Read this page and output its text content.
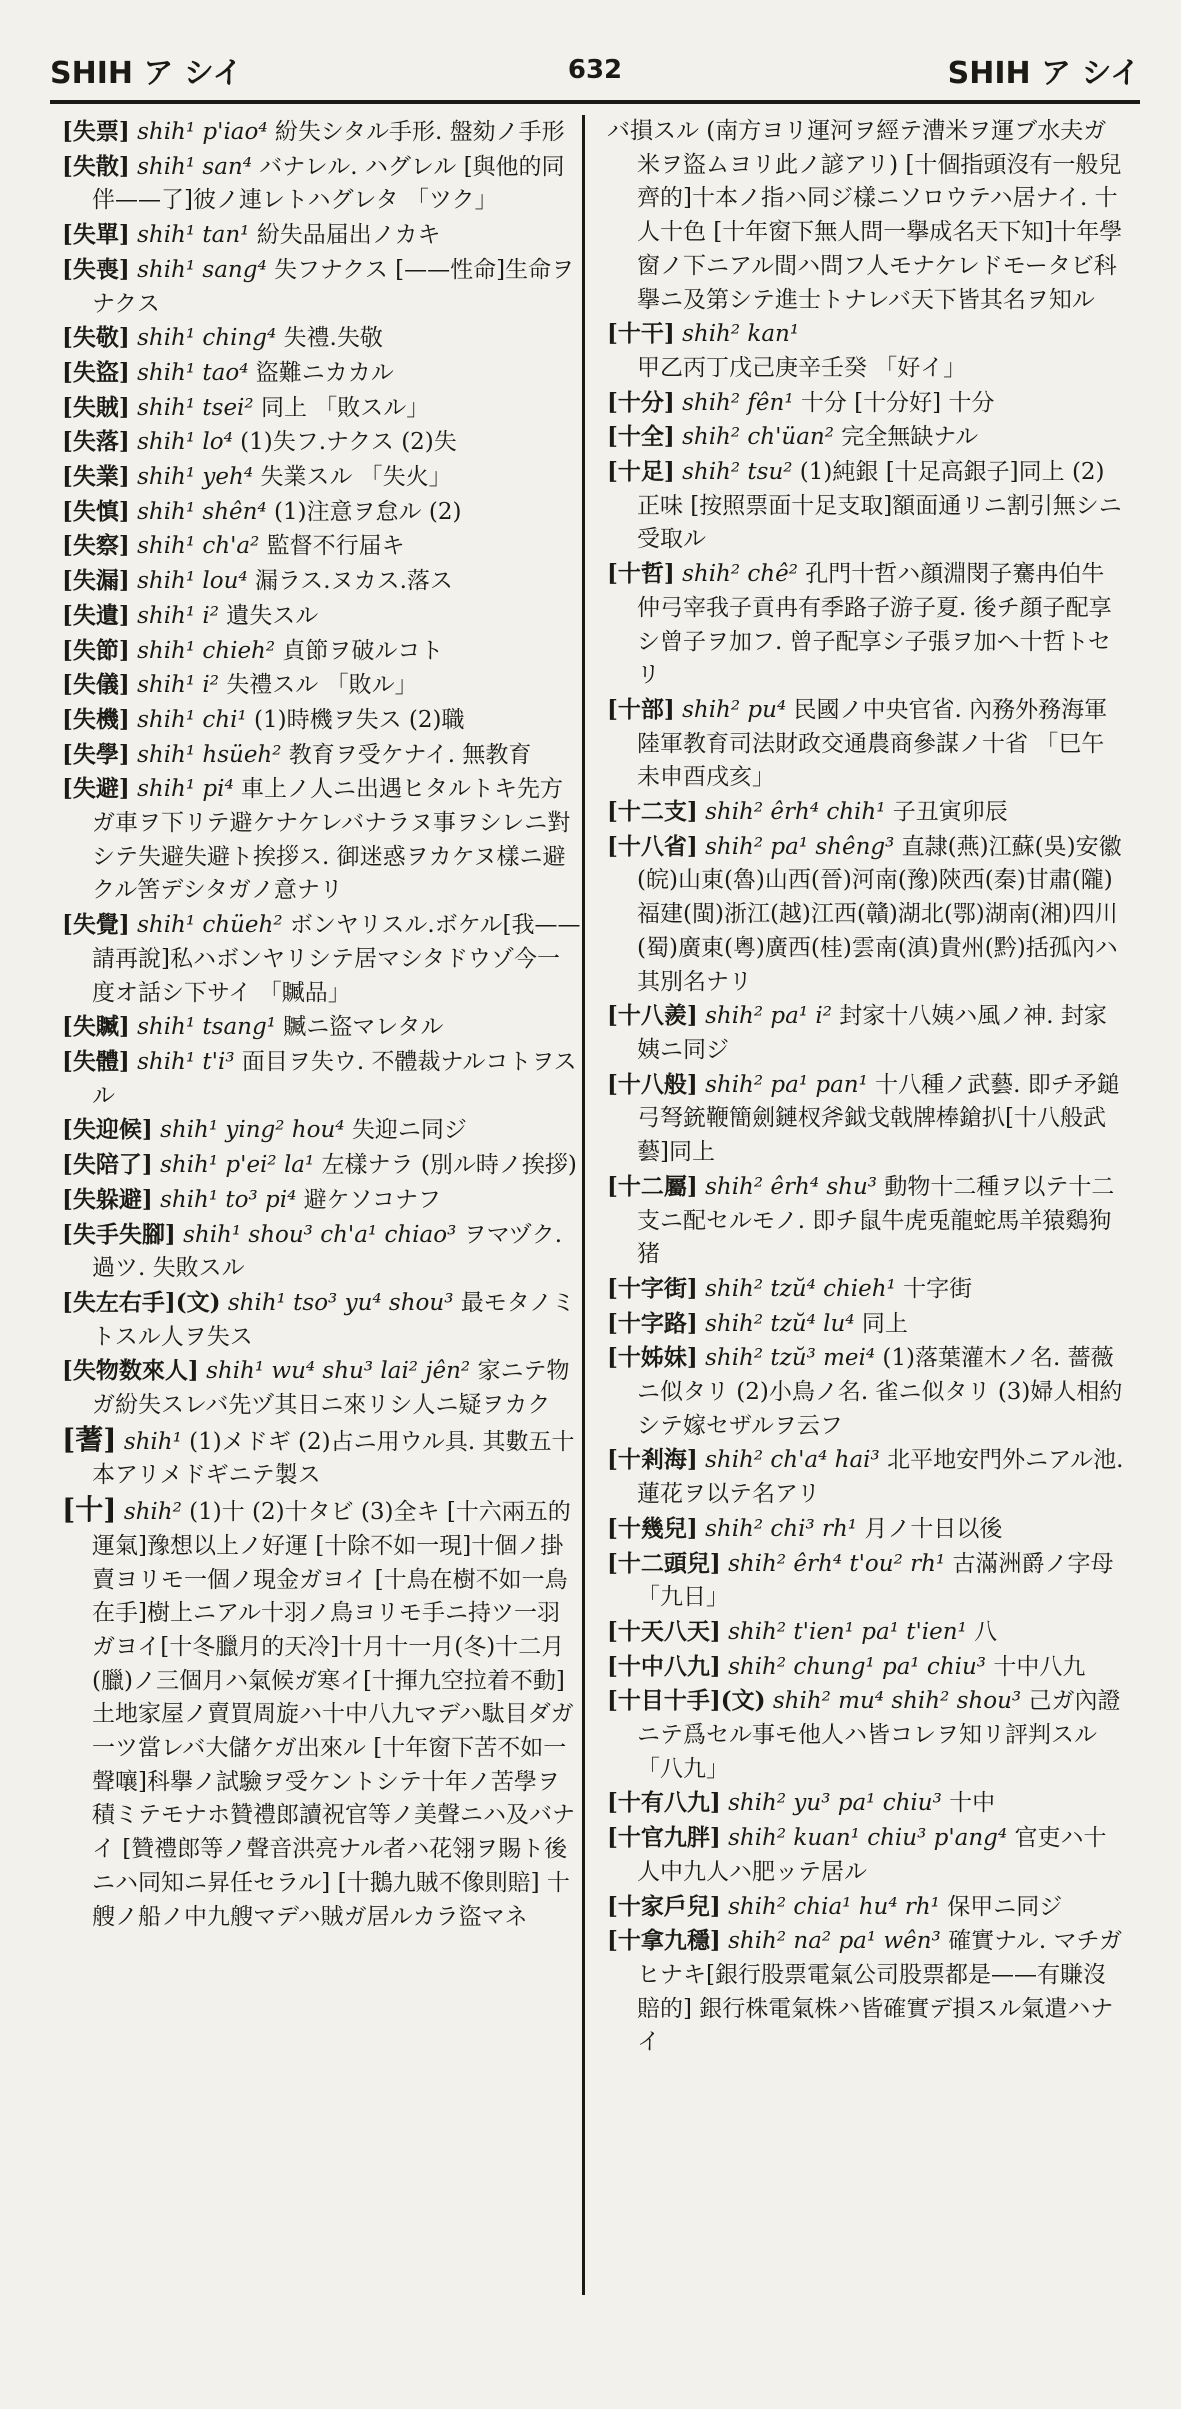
SHIH ア シイ	632	SHIH ア シイ

[失票] shih¹ p'iao⁴ 紛失シタル手形. 盤劾ノ手形

[失散] shih¹ san⁴ バナレル. ハグレル [與他的同伴——了]彼ノ連レトハグレタ 「ツク」

[失單] shih¹ tan¹ 紛失品届出ノカキ

[失喪] shih¹ sang⁴ 失フナクス [——性命]生命ヲナクス

[失敬] shih¹ ching⁴ 失禮.失敬

[失盜] shih¹ tao⁴ 盜難ニカカル

[失賊] shih¹ tsei² 同上 「敗スル」

[失落] shih¹ lo⁴ (1)失フ.ナクス (2)失

[失業] shih¹ yeh⁴ 失業スル 「失火」

[失慎] shih¹ shên⁴ (1)注意ヲ怠ル (2)

[失察] shih¹ ch'a² 監督不行届キ

[失漏] shih¹ lou⁴ 漏ラス.ヌカス.落ス

[失遺] shih¹ i² 遺失スル

[失節] shih¹ chieh² 貞節ヲ破ルコト

[失儀] shih¹ i² 失禮スル 「敗ル」

[失機] shih¹ chi¹ (1)時機ヲ失ス (2)職

[失學] shih¹ hsüeh² 教育ヲ受ケナイ. 無教育

[失避] shih¹ pi⁴ 車上ノ人ニ出遇ヒタルトキ先方ガ車ヲ下リテ避ケナケレバナラヌ事ヲシレニ對シテ失避失避ト挨拶ス. 御迷惑ヲカケヌ樣ニ避クル筈デシタガノ意ナリ

[失覺] shih¹ chüeh² ボンヤリスル.ボケル[我——請再說]私ハボンヤリシテ居マシタドウゾ今一度オ話シ下サイ 「贓品」

[失贓] shih¹ tsang¹ 贓ニ盜マレタル

[失體] shih¹ t'i³ 面目ヲ失ウ. 不體裁ナルコトヲスル

[失迎候] shih¹ ying² hou⁴ 失迎ニ同ジ

[失陪了] shih¹ p'ei² la¹ 左樣ナラ (別ル時ノ挨拶)

[失躲避] shih¹ to³ pi⁴ 避ケソコナフ

[失手失腳] shih¹ shou³ ch'a¹ chiao³ ヲマヅク. 過ツ. 失敗スル

[失左右手](文) shih¹ tso³ yu⁴ shou³ 最モタノミトスル人ヲ失ス

[失物数來人] shih¹ wu⁴ shu³ lai² jên² 家ニテ物ガ紛失スレバ先ヅ其日ニ來リシ人ニ疑ヲカク

[蓍] shih¹ (1)メドギ (2)占ニ用ウル具. 其數五十本アリメドギニテ製ス

[十] shih² (1)十 (2)十タビ (3)全キ [十六兩五的運氣]豫想以上ノ好運 [十除不如一現]十個ノ掛賣ヨリモ一個ノ現金ガヨイ [十鳥在樹不如一鳥在手]樹上ニアル十羽ノ鳥ヨリモ手ニ持ツ一羽ガヨイ[十冬臘月的天冷]十月十一月(冬)十二月(臘)ノ三個月ハ氣候ガ寒イ[十揮九空拉着不動]土地家屋ノ賣買周旋ハ十中八九マデハ駄目ダガ一ツ當レバ大儲ケガ出來ル [十年窗下苦不如一聲嚷]科擧ノ試驗ヲ受ケントシテ十年ノ苦學ヲ積ミテモナホ贊禮郎讀祝官等ノ美聲ニハ及バナイ [贊禮郎等ノ聲音洪亮ナル者ハ花翎ヲ賜ト後ニハ同知ニ昇任セラル] [十鵝九賊不像則賠] 十艘ノ船ノ中九艘マデハ賊ガ居ルカラ盜マネ

バ損スル (南方ヨリ運河ヲ經テ漕米ヲ運ブ水夫ガ米ヲ盜ムヨリ此ノ諺アリ) [十個指頭沒有一般兒齊的]十本ノ指ハ同ジ樣ニソロウテハ居ナイ. 十人十色 [十年窗下無人問一擧成名天下知]十年學窗ノ下ニアル間ハ問フ人モナケレドモータビ科擧ニ及第シテ進士トナレバ天下皆其名ヲ知ル

[十干] shih² kan¹ 甲乙丙丁戊己庚辛壬癸 「好イ」

[十分] shih² fên¹ 十分 [十分好] 十分

[十全] shih² ch'üan² 完全無缺ナル

[十足] shih² tsu² (1)純銀 [十足高銀子]同上 (2)正味 [按照票面十足支取]額面通リニ割引無シニ受取ル

[十哲] shih² chê² 孔門十哲ハ顔淵閔子騫冉伯牛仲弓宰我子貢冉有季路子游子夏. 後チ顔子配享シ曾子ヲ加フ. 曾子配享シ子張ヲ加ヘ十哲トセリ

[十部] shih² pu⁴ 民國ノ中央官省. 內務外務海軍陸軍教育司法財政交通農商參謀ノ十省 「巳午未申酉戌亥」

[十二支] shih² êrh⁴ chih¹ 子丑寅卯辰

[十八省] shih² pa¹ shêng³ 直隷(燕)江蘇(吳)安徽(皖)山東(魯)山西(晉)河南(豫)陝西(秦)甘肅(隴)福建(閩)浙江(越)江西(贛)湖北(鄂)湖南(湘)四川(蜀)廣東(粵)廣西(桂)雲南(滇)貴州(黔)括孤內ハ其別名ナリ

[十八羨] shih² pa¹ i² 封家十八姨ハ風ノ神. 封家姨ニ同ジ

[十八般] shih² pa¹ pan¹ 十八種ノ武藝. 即チ矛鎚弓弩銃鞭簡劍鏈杈斧鉞戈戟牌棒鎗扒[十八般武藝]同上

[十二屬] shih² êrh⁴ shu³ 動物十二種ヲ以テ十二支ニ配セルモノ. 即チ鼠牛虎兎龍蛇馬羊猿鷄狗猪

[十字街] shih² tzŭ⁴ chieh¹ 十字街

[十字路] shih² tzŭ⁴ lu⁴ 同上

[十姊妹] shih² tzŭ³ mei⁴ (1)落葉灌木ノ名. 薔薇ニ似タリ (2)小鳥ノ名. 雀ニ似タリ (3)婦人相約シテ嫁セザルヲ云フ

[十剎海] shih² ch'a⁴ hai³ 北平地安門外ニアル池. 蓮花ヲ以テ名アリ

[十幾兒] shih² chi³ rh¹ 月ノ十日以後

[十二頭兒] shih² êrh⁴ t'ou² rh¹ 古滿洲爵ノ字母 「九日」

[十天八天] shih² t'ien¹ pa¹ t'ien¹ 八

[十中八九] shih² chung¹ pa¹ chiu³ 十中八九

[十目十手](文) shih² mu⁴ shih² shou³ 己ガ內證ニテ爲セル事モ他人ハ皆コレヲ知リ評判スル 「八九」

[十有八九] shih² yu³ pa¹ chiu³ 十中

[十官九胖] shih² kuan¹ chiu³ p'ang⁴ 官吏ハ十人中九人ハ肥ッテ居ル

[十家戶兒] shih² chia¹ hu⁴ rh¹ 保甲ニ同ジ

[十拿九穩] shih² na² pa¹ wên³ 確實ナル. マチガヒナキ[銀行股票電氣公司股票都是——有賺沒賠的] 銀行株電氣株ハ皆確實デ損スル氣遣ハナイ
